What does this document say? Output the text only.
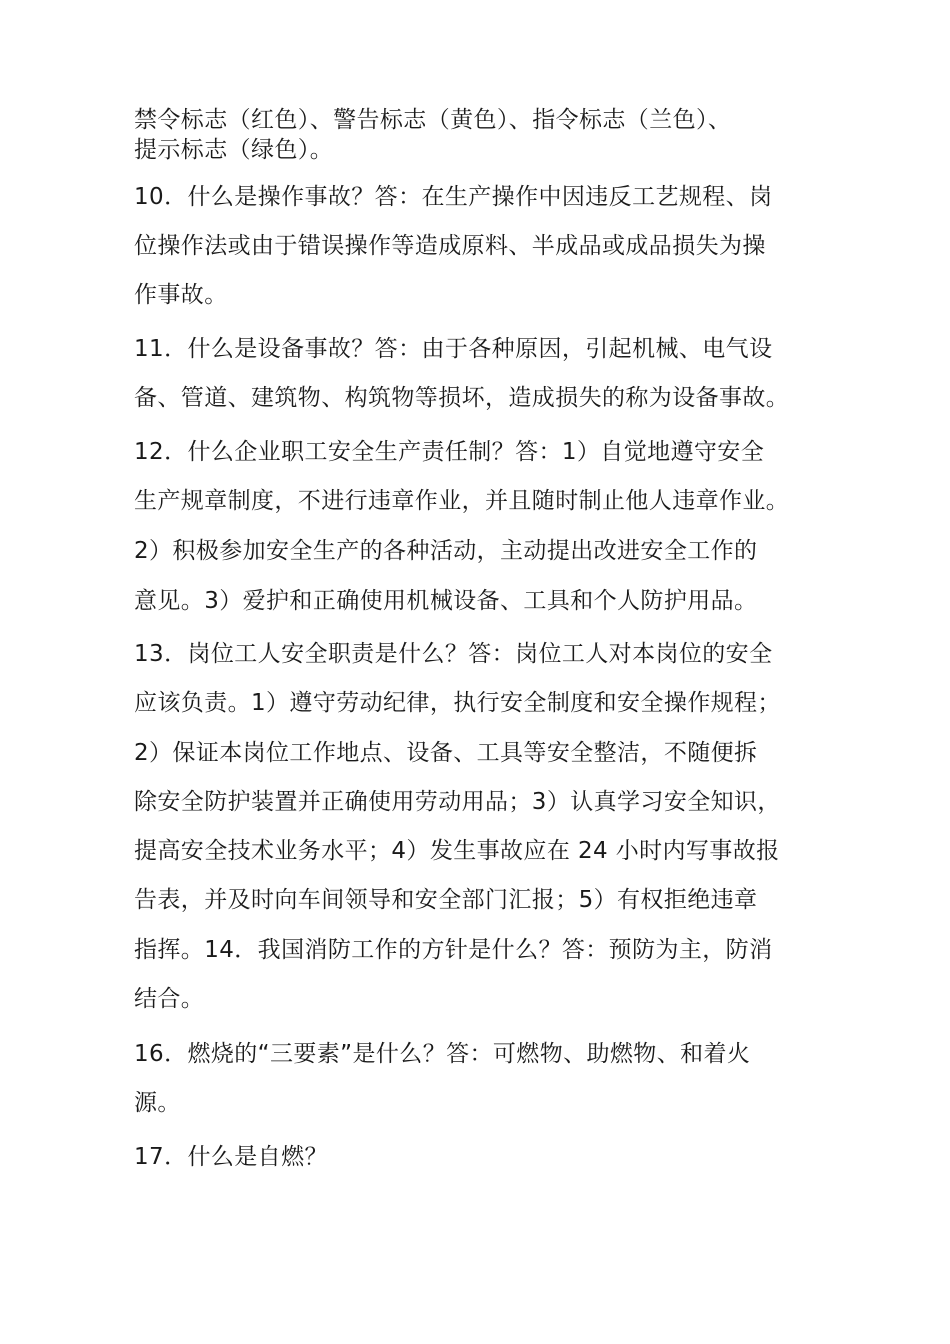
禁令标志（红色）、警告标志（黄色）、指令标志（兰色）、
提示标志（绿色）。
10．什么是操作事故？答：在生产操作中因违反工艺规程、岗
位操作法或由于错误操作等造成原料、半成品或成品损失为操
作事故。
11．什么是设备事故？答：由于各种原因，引起机械、电气设
备、管道、建筑物、构筑物等损坏，造成损失的称为设备事故。
12．什么企业职工安全生产责任制？答：1）自觉地遵守安全
生产规章制度，不进行违章作业，并且随时制止他人违章作业。
2）积极参加安全生产的各种活动，主动提出改进安全工作的
意见。3）爱护和正确使用机械设备、工具和个人防护用品。
13．岗位工人安全职责是什么？答：岗位工人对本岗位的安全
应该负责。1）遵守劳动纪律，执行安全制度和安全操作规程；
2）保证本岗位工作地点、设备、工具等安全整洁，不随便拆
除安全防护装置并正确使用劳动用品；3）认真学习安全知识，
提高安全技术业务水平；4）发生事故应在 24 小时内写事故报
告表，并及时向车间领导和安全部门汇报；5）有权拒绝违章
指挥。14．我国消防工作的方针是什么？答：预防为主，防消
结合。
16．燃烧的“三要素”是什么？答：可燃物、助燃物、和着火
源。
17．什么是自燃？
